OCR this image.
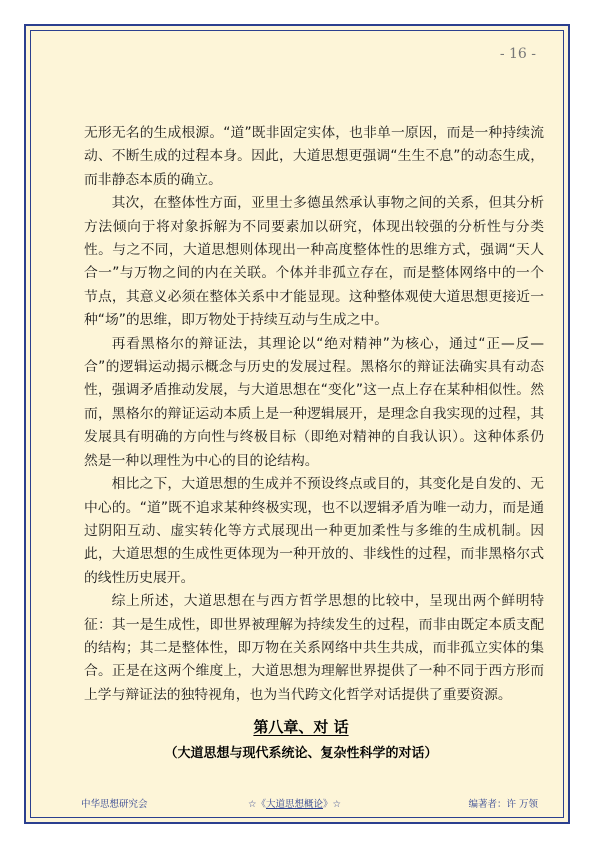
- 16 -

无形无名的生成根源。“道”既非固定实体，也非单一原因，而是一种持续流动、不断生成的过程本身。因此，大道思想更强调“生生不息”的动态生成，而非静态本质的确立。

其次，在整体性方面，亚里士多德虽然承认事物之间的关系，但其分析方法倾向于将对象拆解为不同要素加以研究，体现出较强的分析性与分类性。与之不同，大道思想则体现出一种高度整体性的思维方式，强调“天人合一”与万物之间的内在关联。个体并非孤立存在，而是整体网络中的一个节点，其意义必须在整体关系中才能显现。这种整体观使大道思想更接近一种“场”的思维，即万物处于持续互动与生成之中。

再看黑格尔的辩证法，其理论以“绝对精神”为核心，通过“正—反—合”的逻辑运动揭示概念与历史的发展过程。黑格尔的辩证法确实具有动态性，强调矛盾推动发展，与大道思想在“变化”这一点上存在某种相似性。然而，黑格尔的辩证运动本质上是一种逻辑展开，是理念自我实现的过程，其发展具有明确的方向性与终极目标（即绝对精神的自我认识）。这种体系仍然是一种以理性为中心的目的论结构。

相比之下，大道思想的生成并不预设终点或目的，其变化是自发的、无中心的。“道”既不追求某种终极实现，也不以逻辑矛盾为唯一动力，而是通过阴阳互动、虚实转化等方式展现出一种更加柔性与多维的生成机制。因此，大道思想的生成性更体现为一种开放的、非线性的过程，而非黑格尔式的线性历史展开。

综上所述，大道思想在与西方哲学思想的比较中，呈现出两个鲜明特征：其一是生成性，即世界被理解为持续发生的过程，而非由既定本质支配的结构；其二是整体性，即万物在关系网络中共生共成，而非孤立实体的集合。正是在这两个维度上，大道思想为理解世界提供了一种不同于西方形而上学与辩证法的独特视角，也为当代跨文化哲学对话提供了重要资源。

第八章、对 话
（大道思想与现代系统论、复杂性科学的对话）
中华思想研究会	☆《大道思想概论》☆	编著者：许 万领
